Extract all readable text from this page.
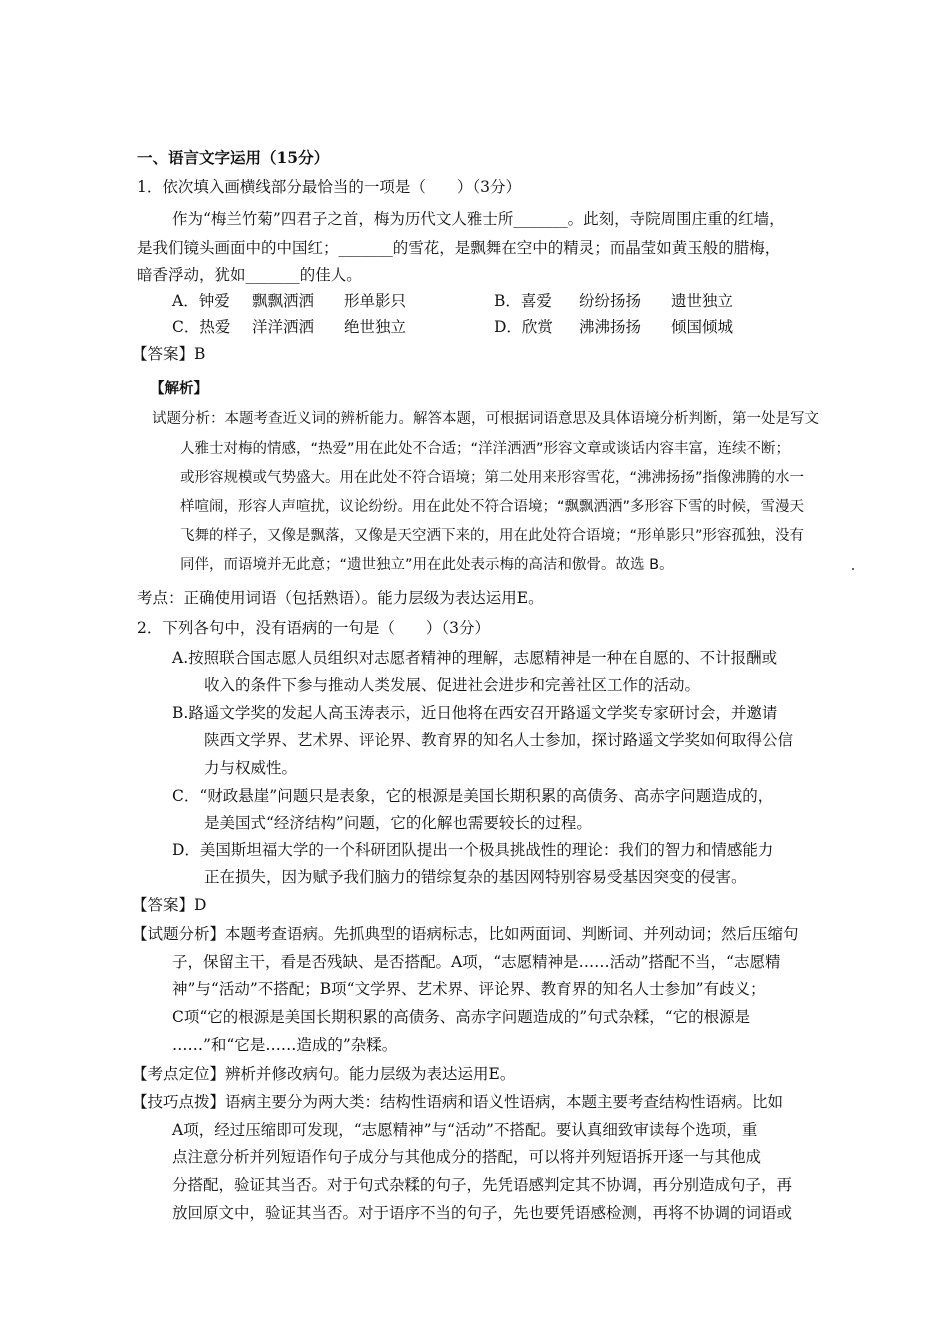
一、语言文字运用（15分）
1．依次填入画横线部分最恰当的一项是（　　）（3分）
作为“梅兰竹菊”四君子之首，梅为历代文人雅士所_______。此刻，寺院周围庄重的红墙，
是我们镜头画面中的中国红；_______的雪花，是飘舞在空中的精灵；而晶莹如黄玉般的腊梅，
暗香浮动，犹如_______的佳人。
A．钟爱 飘飘洒洒 形单影只	B．喜爱 纷纷扬扬 遗世独立
C．热爱 洋洋洒洒 绝世独立	D．欣赏 沸沸扬扬 倾国倾城
【答案】B
【解析】
试题分析：本题考查近义词的辨析能力。解答本题，可根据词语意思及具体语境分析判断，第一处是写文
人雅士对梅的情感，“热爱”用在此处不合适；“洋洋洒洒”形容文章或谈话内容丰富，连续不断；
或形容规模或气势盛大。用在此处不符合语境；第二处用来形容雪花，“沸沸扬扬”指像沸腾的水一
样喧闹，形容人声喧扰，议论纷纷。用在此处不符合语境；“飘飘洒洒”多形容下雪的时候，雪漫天
飞舞的样子，又像是飘落，又像是天空洒下来的，用在此处符合语境；“形单影只”形容孤独，没有
同伴，而语境并无此意；“遗世独立”用在此处表示梅的高洁和傲骨。故选 B。
考点：正确使用词语（包括熟语）。能力层级为表达运用E。
2．下列各句中，没有语病的一句是（　　）（3分）
A.按照联合国志愿人员组织对志愿者精神的理解，志愿精神是一种在自愿的、不计报酬或
收入的条件下参与推动人类发展、促进社会进步和完善社区工作的活动。
B.路遥文学奖的发起人高玉涛表示，近日他将在西安召开路遥文学奖专家研讨会，并邀请
陕西文学界、艺术界、评论界、教育界的知名人士参加，探讨路遥文学奖如何取得公信
力与权威性。
C．“财政悬崖”问题只是表象，它的根源是美国长期积累的高债务、高赤字问题造成的，
是美国式“经济结构”问题，它的化解也需要较长的过程。
D．美国斯坦福大学的一个科研团队提出一个极具挑战性的理论：我们的智力和情感能力
正在损失，因为赋予我们脑力的错综复杂的基因网特别容易受基因突变的侵害。
【答案】D
【试题分析】本题考查语病。先抓典型的语病标志，比如两面词、判断词、并列动词；然后压缩句
子，保留主干，看是否残缺、是否搭配。A项，“志愿精神是……活动”搭配不当，“志愿精
神”与“活动”不搭配；B项“文学界、艺术界、评论界、教育界的知名人士参加”有歧义；
C项“它的根源是美国长期积累的高债务、高赤字问题造成的”句式杂糅，“它的根源是
……”和“它是……造成的”杂糅。
【考点定位】辨析并修改病句。能力层级为表达运用E。
【技巧点拨】语病主要分为两大类：结构性语病和语义性语病，本题主要考查结构性语病。比如
A项，经过压缩即可发现，“志愿精神”与“活动”不搭配。要认真细致审读每个选项，重
点注意分析并列短语作句子成分与其他成分的搭配，可以将并列短语拆开逐一与其他成
分搭配，验证其当否。对于句式杂糅的句子，先凭语感判定其不协调，再分别造成句子，再
放回原文中，验证其当否。对于语序不当的句子，先也要凭语感检测，再将不协调的词语或
